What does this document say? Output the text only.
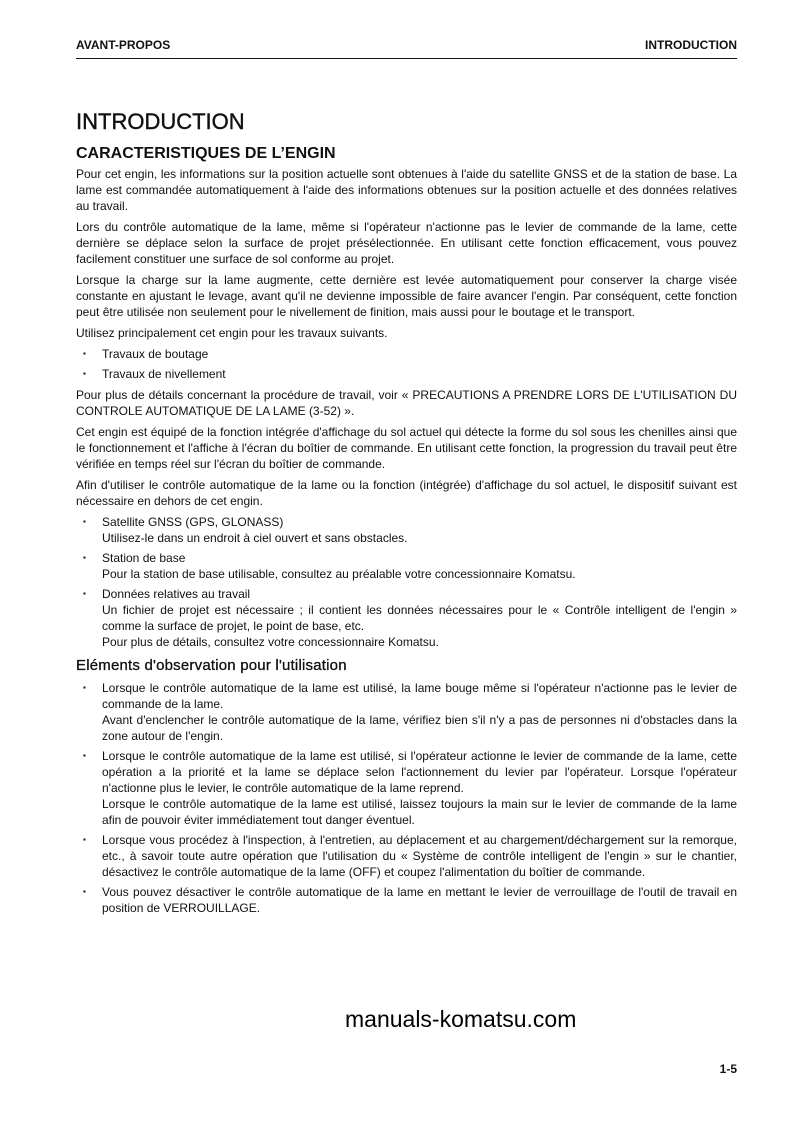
AVANT-PROPOS	INTRODUCTION
INTRODUCTION
CARACTERISTIQUES DE L’ENGIN

Pour cet engin, les informations sur la position actuelle sont obtenues à l'aide du satellite GNSS et de la station de base. La lame est commandée automatiquement à l'aide des informations obtenues sur la position actuelle et des données relatives au travail.

Lors du contrôle automatique de la lame, même si l'opérateur n'actionne pas le levier de commande de la lame, cette dernière se déplace selon la surface de projet présélectionnée. En utilisant cette fonction efficacement, vous pouvez facilement constituer une surface de sol conforme au projet.

Lorsque la charge sur la lame augmente, cette dernière est levée automatiquement pour conserver la charge visée constante en ajustant le levage, avant qu'il ne devienne impossible de faire avancer l'engin. Par conséquent, cette fonction peut être utilisée non seulement pour le nivellement de finition, mais aussi pour le boutage et le transport.

Utilisez principalement cet engin pour les travaux suivants.

▪ Travaux de boutage
▪ Travaux de nivellement

Pour plus de détails concernant la procédure de travail, voir « PRECAUTIONS A PRENDRE LORS DE L'UTILISATION DU CONTROLE AUTOMATIQUE DE LA LAME (3-52) ».

Cet engin est équipé de la fonction intégrée d'affichage du sol actuel qui détecte la forme du sol sous les chenilles ainsi que le fonctionnement et l'affiche à l'écran du boîtier de commande. En utilisant cette fonction, la progression du travail peut être vérifiée en temps réel sur l'écran du boîtier de commande.

Afin d'utiliser le contrôle automatique de la lame ou la fonction (intégrée) d'affichage du sol actuel, le dispositif suivant est nécessaire en dehors de cet engin.

▪ Satellite GNSS (GPS, GLONASS)
Utilisez-le dans un endroit à ciel ouvert et sans obstacles.
▪ Station de base
Pour la station de base utilisable, consultez au préalable votre concessionnaire Komatsu.
▪ Données relatives au travail
Un fichier de projet est nécessaire ; il contient les données nécessaires pour le « Contrôle intelligent de l'engin » comme la surface de projet, le point de base, etc.
Pour plus de détails, consultez votre concessionnaire Komatsu.
Eléments d'observation pour l'utilisation
▪ Lorsque le contrôle automatique de la lame est utilisé, la lame bouge même si l'opérateur n'actionne pas le levier de commande de la lame.
Avant d'enclencher le contrôle automatique de la lame, vérifiez bien s'il n'y a pas de personnes ni d'obstacles dans la zone autour de l'engin.
▪ Lorsque le contrôle automatique de la lame est utilisé, si l'opérateur actionne le levier de commande de la lame, cette opération a la priorité et la lame se déplace selon l'actionnement du levier par l'opérateur. Lorsque l'opérateur n'actionne plus le levier, le contrôle automatique de la lame reprend.
Lorsque le contrôle automatique de la lame est utilisé, laissez toujours la main sur le levier de commande de la lame afin de pouvoir éviter immédiatement tout danger éventuel.
▪ Lorsque vous procédez à l'inspection, à l'entretien, au déplacement et au chargement/déchargement sur la remorque, etc., à savoir toute autre opération que l'utilisation du « Système de contrôle intelligent de l'engin » sur le chantier, désactivez le contrôle automatique de la lame (OFF) et coupez l'alimentation du boîtier de commande.
▪ Vous pouvez désactiver le contrôle automatique de la lame en mettant le levier de verrouillage de l'outil de travail en position de VERROUILLAGE.
manuals-komatsu.com
1-5
